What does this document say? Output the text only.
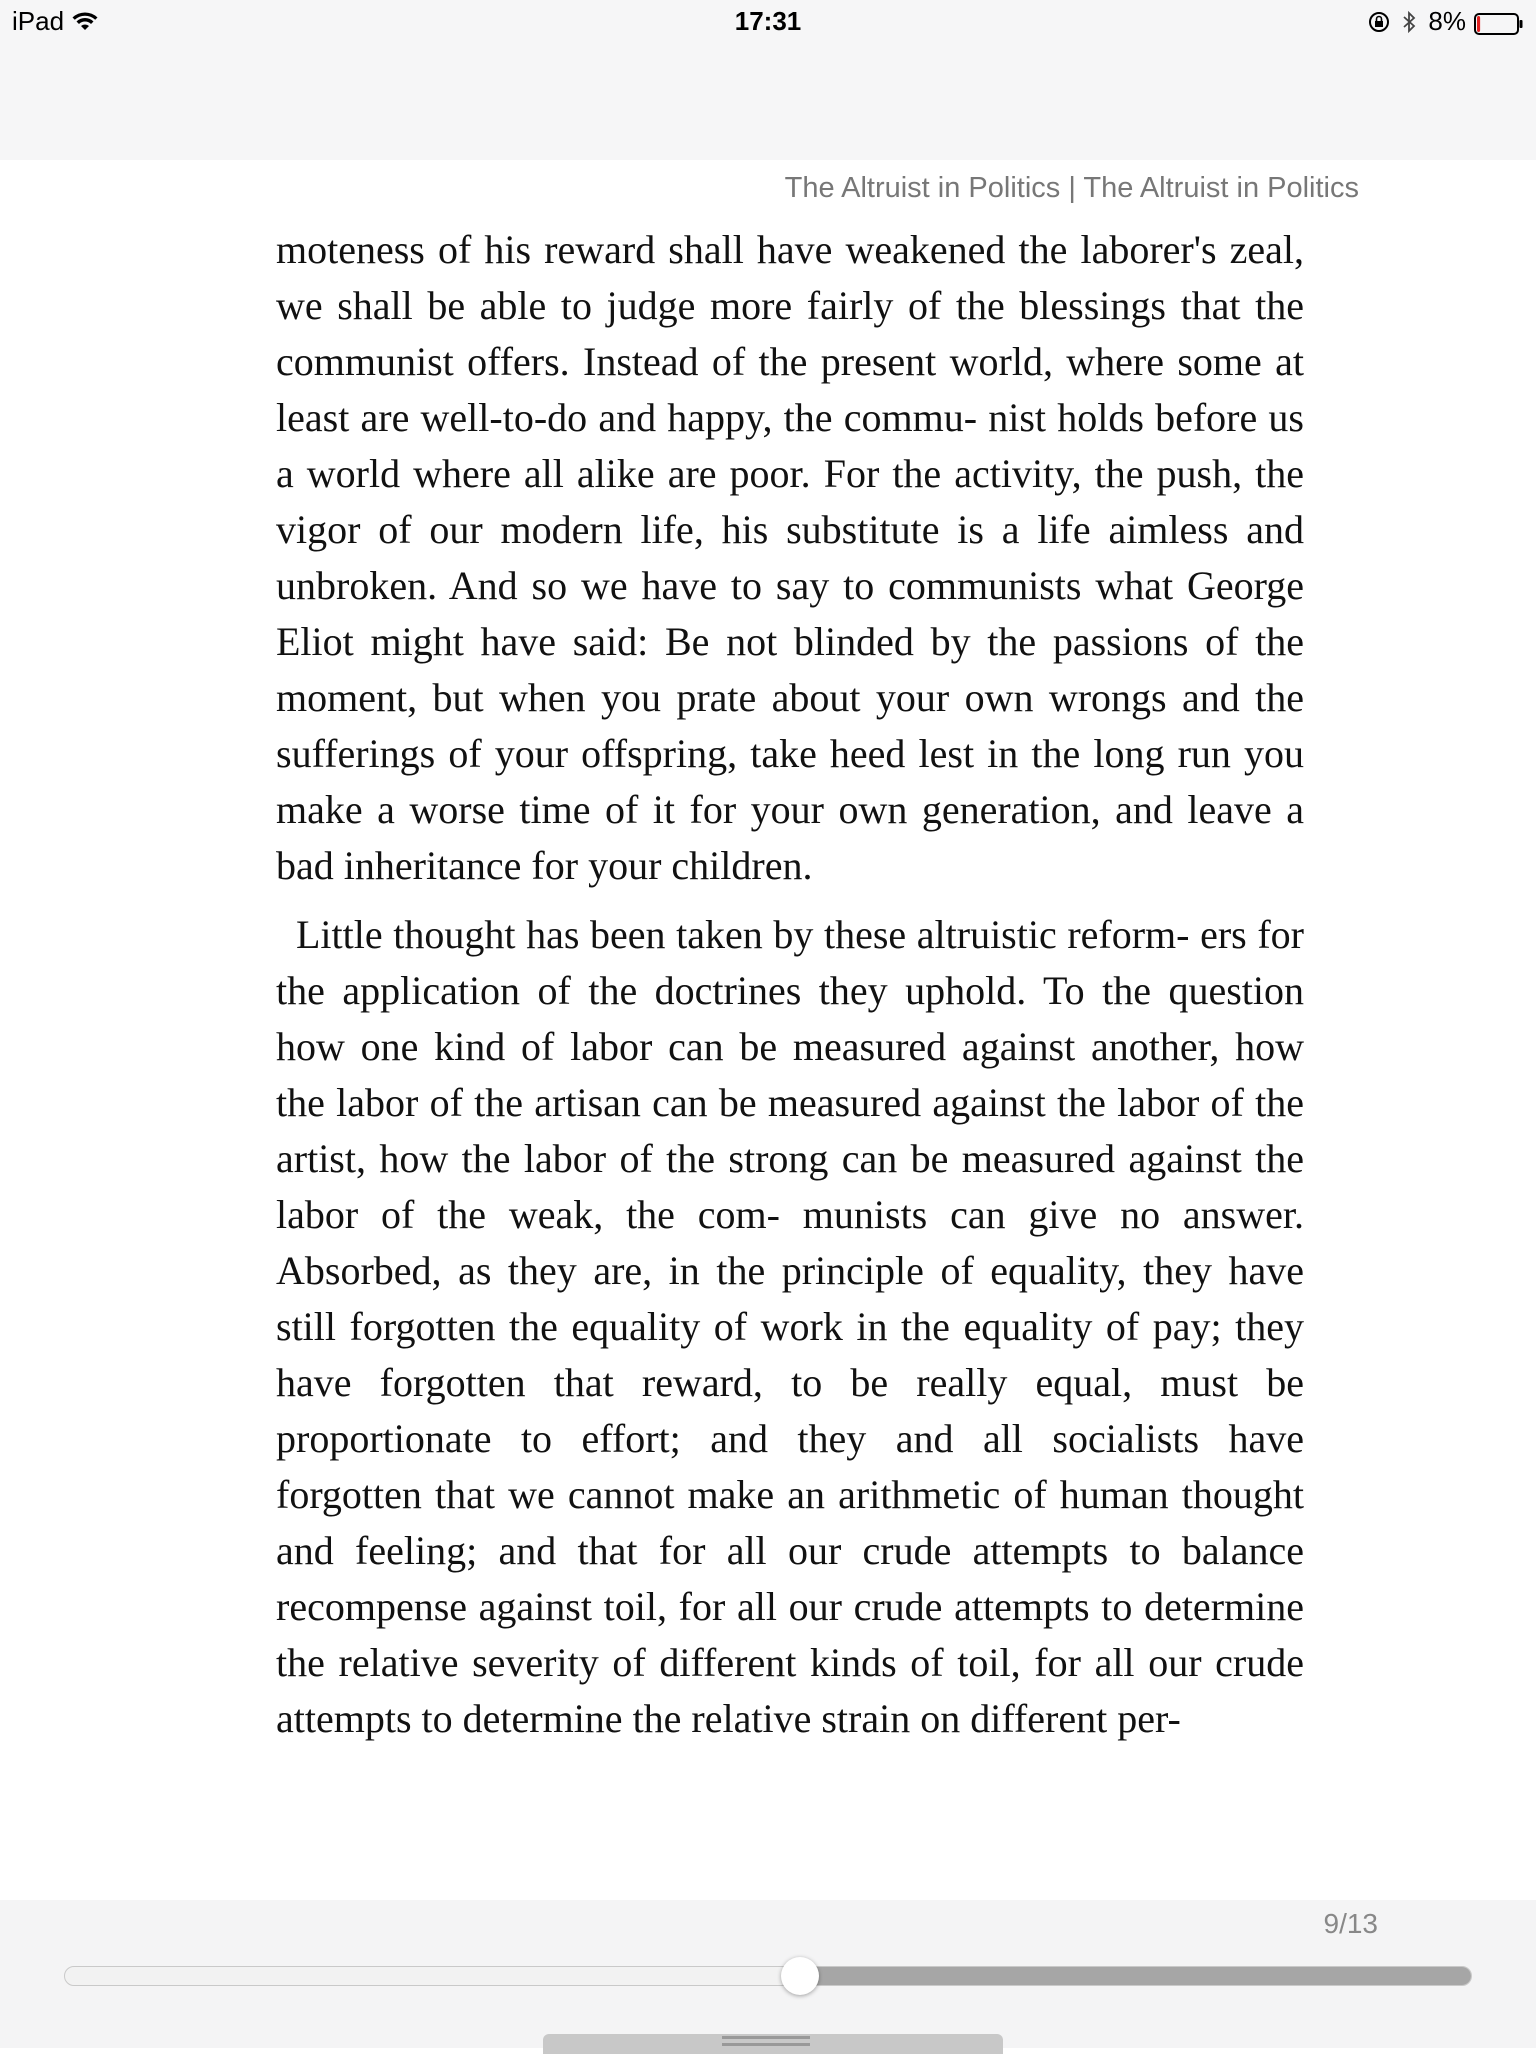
iPad	17:31	8%
The Altruist in Politics | The Altruist in Politics

moteness of his reward shall have weakened the laborer's zeal, we shall be able to judge more fairly of the blessings that the communist offers. Instead of the present world, where some at least are well-to-do and happy, the commu- nist holds before us a world where all alike are poor. For the activity, the push, the vigor of our modern life, his substitute is a life aimless and unbroken. And so we have to say to communists what George Eliot might have said: Be not blinded by the passions of the moment, but when you prate about your own wrongs and the sufferings of your offspring, take heed lest in the long run you make a worse time of it for your own generation, and leave a bad inheritance for your children.

Little thought has been taken by these altruistic reform- ers for the application of the doctrines they uphold. To the question how one kind of labor can be measured against another, how the labor of the artisan can be measured against the labor of the artist, how the labor of the strong can be measured against the labor of the weak, the com- munists can give no answer. Absorbed, as they are, in the principle of equality, they have still forgotten the equality of work in the equality of pay; they have forgotten that reward, to be really equal, must be proportionate to effort; and they and all socialists have forgotten that we cannot make an arithmetic of human thought and feeling; and that for all our crude attempts to balance recompense against toil, for all our crude attempts to determine the relative severity of different kinds of toil, for all our crude attempts to determine the relative strain on different per-

9/13
